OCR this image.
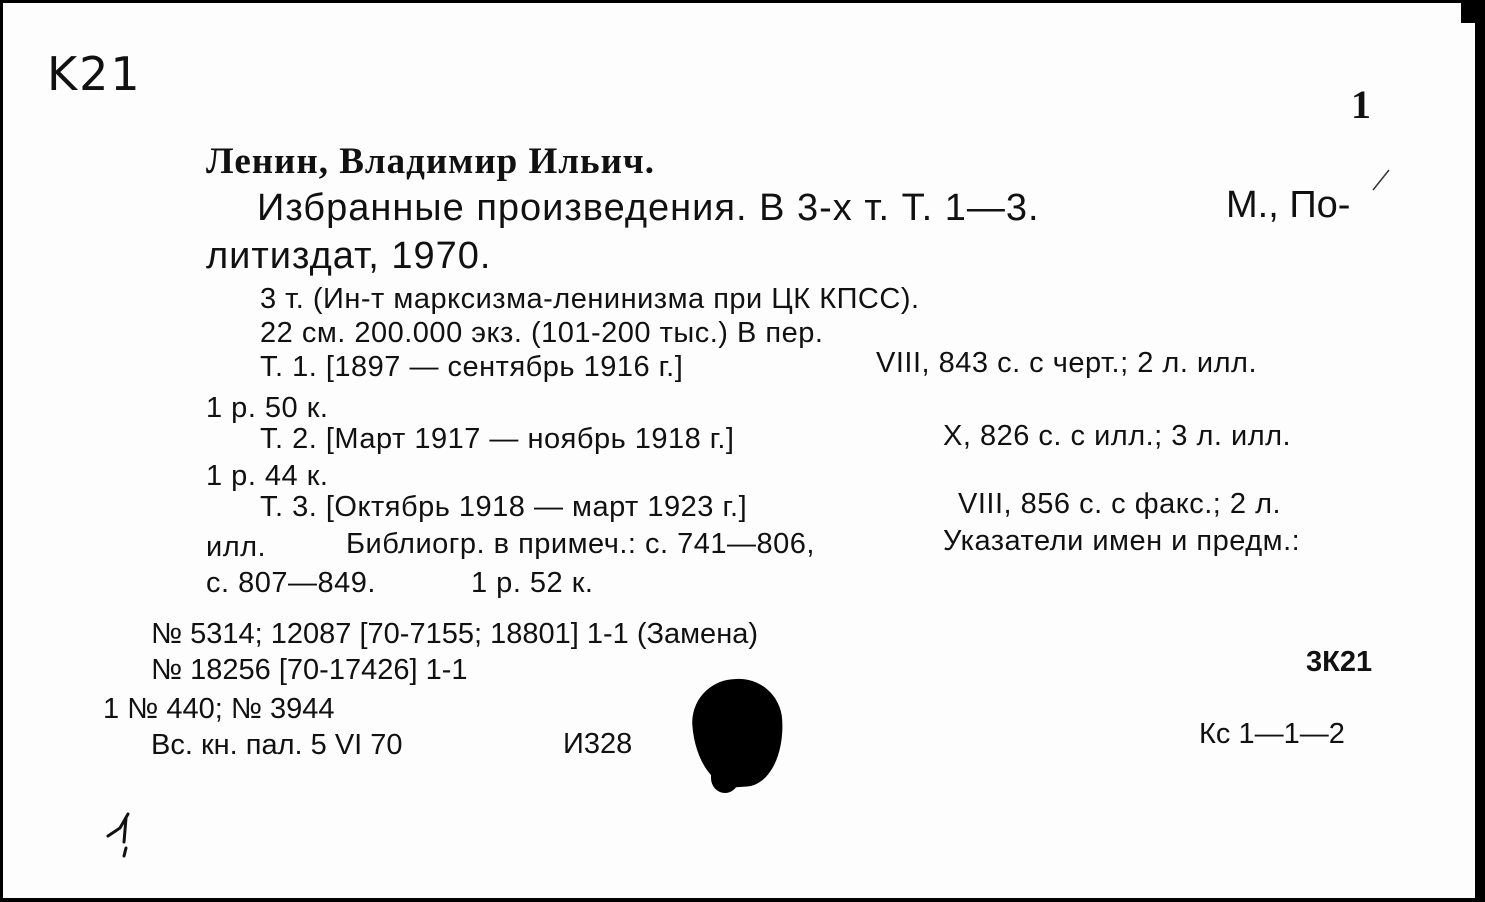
K21
1
Ленин, Владимир Ильич.
Избранные произведения. В 3-х т. Т. 1—3.	М., По-
литиздат, 1970.
3 т. (Ин-т марксизма-ленинизма при ЦК КПСС).
22 см. 200.000 экз. (101-200 тыс.) В пер.
Т. 1. [1897 — сентябрь 1916 г.]	VIII, 843 с. с черт.; 2 л. илл.
1 р. 50 к.
Т. 2. [Март 1917 — ноябрь 1918 г.]	X, 826 с. с илл.; 3 л. илл.
1 р. 44 к.
Т. 3. [Октябрь 1918 — март 1923 г.]	VIII, 856 с. с факс.; 2 л.
илл.	Библиогр. в примеч.: с. 741—806,	Указатели имен и предм.:
с. 807—849.	1 р. 52 к.
№ 5314; 12087 [70-7155; 18801] 1-1 (Замена)
№ 18256 [70-17426] 1-1
1 № 440; № 3944
Вс. кн. пал. 5 VI 70	И328
3К21
Кс 1—1—2
